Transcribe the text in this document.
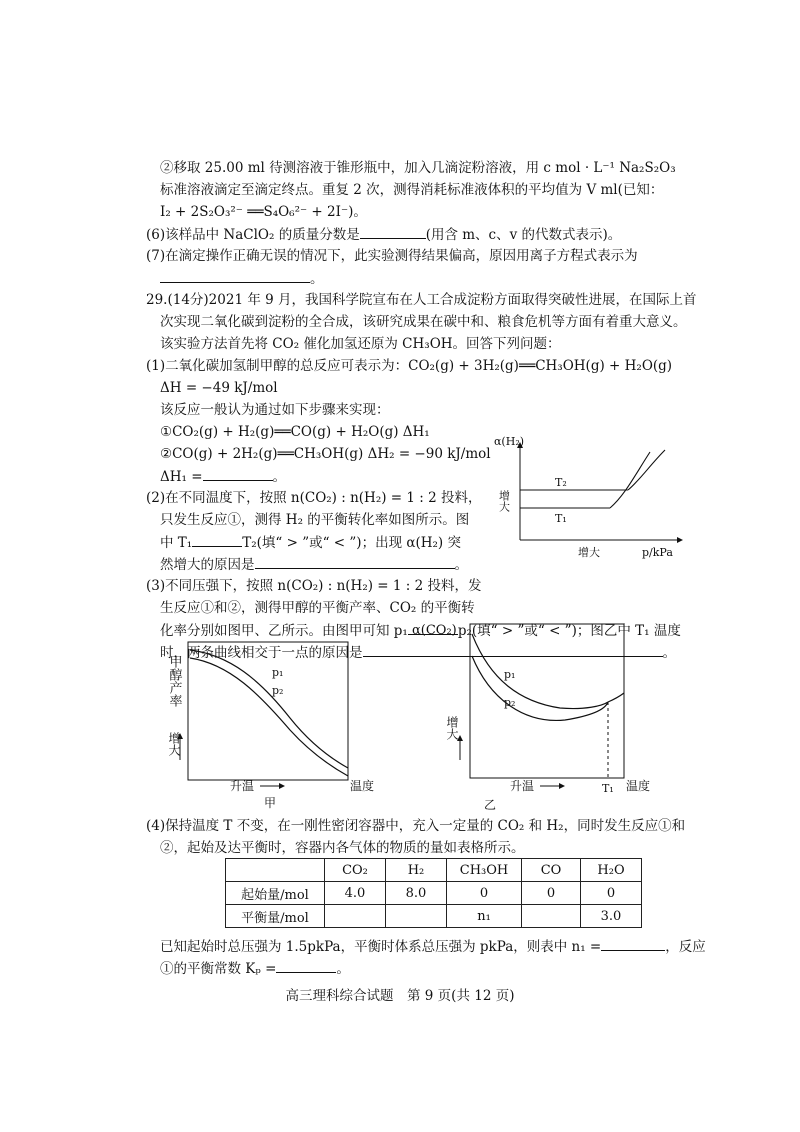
②移取 25.00 ml 待测溶液于锥形瓶中，加入几滴淀粉溶液，用 c mol · L⁻¹ Na₂S₂O₃
标准溶液滴定至滴定终点。重复 2 次，测得消耗标准液体积的平均值为 V ml(已知：
I₂ + 2S₂O₃²⁻ ══S₄O₆²⁻ + 2I⁻)。
(6)该样品中 NaClO₂ 的质量分数是	(用含 m、c、v 的代数式表示)。
(7)在滴定操作正确无误的情况下，此实验测得结果偏高，原因用离子方程式表示为
。
29.(14分)2021 年 9 月，我国科学院宣布在人工合成淀粉方面取得突破性进展，在国际上首
次实现二氧化碳到淀粉的全合成，该研究成果在碳中和、粮食危机等方面有着重大意义。
该实验方法首先将 CO₂ 催化加氢还原为 CH₃OH。回答下列问题：
(1)二氧化碳加氢制甲醇的总反应可表示为：CO₂(g) + 3H₂(g)══CH₃OH(g) + H₂O(g)
ΔH = −49 kJ/mol
该反应一般认为通过如下步骤来实现：
①CO₂(g) + H₂(g)══CO(g) + H₂O(g) ΔH₁
②CO(g) + 2H₂(g)══CH₃OH(g) ΔH₂ = −90 kJ/mol
ΔH₁ =	。
(2)在不同温度下，按照 n(CO₂) : n(H₂) = 1 : 2 投料，
只发生反应①，测得 H₂ 的平衡转化率如图所示。图
中 T₁	T₂(填“ > ”或“ < ”)；出现 α(H₂) 突
然增大的原因是	。
(3)不同压强下，按照 n(CO₂) : n(H₂) = 1 : 2 投料，发
生反应①和②，测得甲醇的平衡产率、CO₂ 的平衡转
化率分别如图甲、乙所示。由图甲可知 p₁	p₂(填“ > ”或“ < ”)；图乙中 T₁ 温度
时，两条曲线相交于一点的原因是	。
α(H₂)
p/kPa
增大
增大
T₂
T₁
甲醇产率
增大
升温	温度
p₁
p₂
甲
α(CO₂)
增大
升温	温度
p₁
p₂
T₁
乙
(4)保持温度 T 不变，在一刚性密闭容器中，充入一定量的 CO₂ 和 H₂，同时发生反应①和
②，起始及达平衡时，容器内各气体的物质的量如表格所示。
	CO₂	H₂	CH₃OH	CO	H₂O
起始量/mol	4.0	8.0	0	0	0
平衡量/mol			n₁		3.0
已知起始时总压强为 1.5pkPa，平衡时体系总压强为 pkPa，则表中 n₁ =	，反应
①的平衡常数 Kₚ =	。
高三理科综合试题　第 9 页(共 12 页)
